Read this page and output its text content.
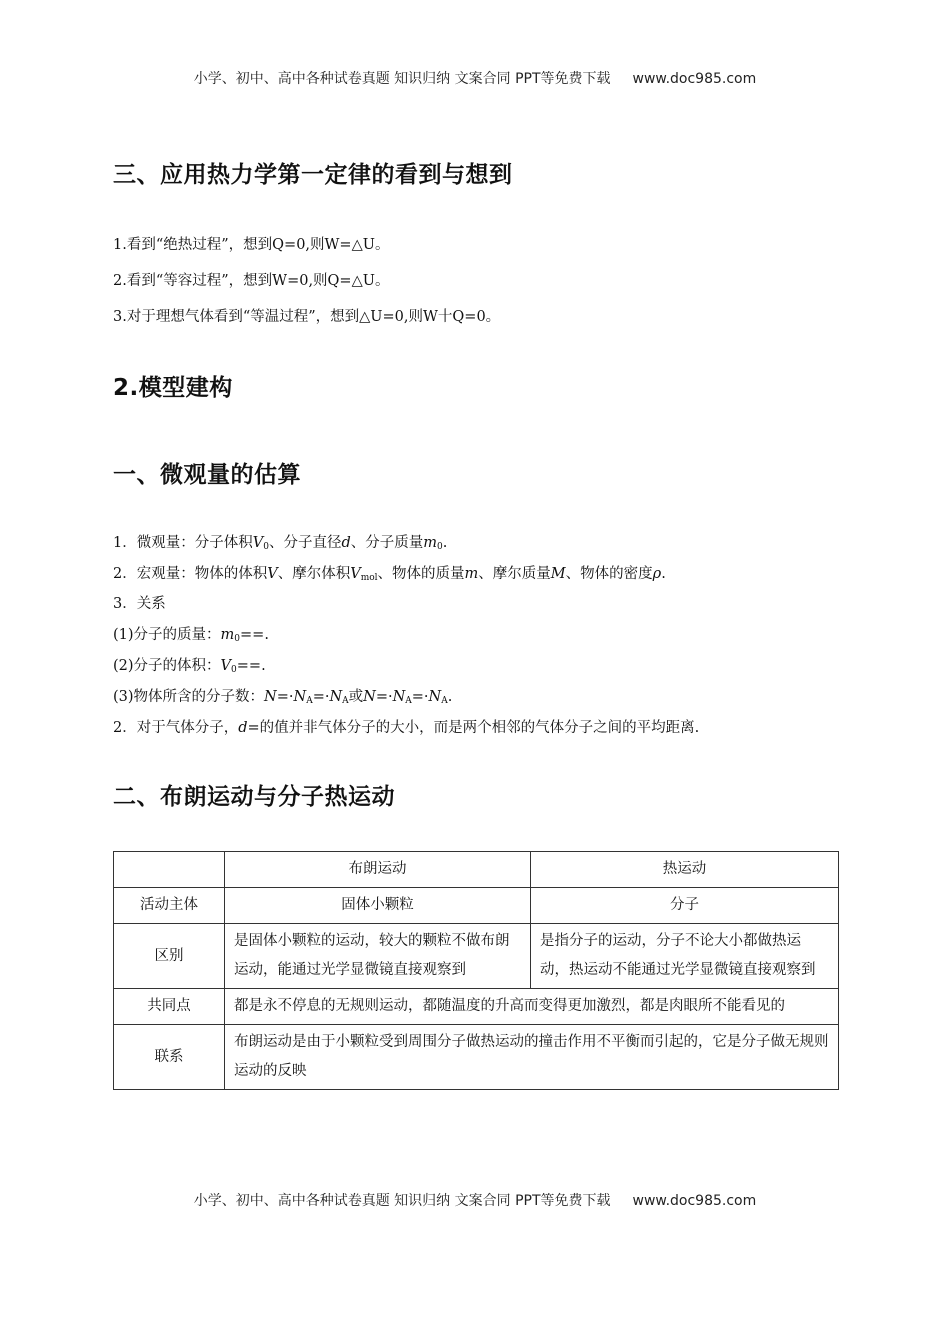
小学、初中、高中各种试卷真题 知识归纳 文案合同 PPT等免费下载 www.doc985.com
三、应用热力学第一定律的看到与想到

1.看到“绝热过程”，想到Q=0,则W=△U。

2.看到“等容过程”，想到W=0,则Q=△U。

3.对于理想气体看到“等温过程”，想到△U=0,则W十Q=0。

2.模型建构
一、微观量的估算

1．微观量：分子体积$V_0$、分子直径d、分子质量$m_0$.

2．宏观量：物体的体积V、摩尔体积$V_{mol}$、物体的质量m、摩尔质量M、物体的密度ρ.

3．关系

(1)分子的质量：$m_0==$.

(2)分子的体积：$V_0==$.

(3)物体所含的分子数：$N=\cdot N_A=\cdot N_A$或$N=\cdot N_A=\cdot N_A$.

2．对于气体分子，d=的值并非气体分子的大小，而是两个相邻的气体分子之间的平均距离.

二、布朗运动与分子热运动
	布朗运动	热运动
活动主体	固体小颗粒	分子
区别	是固体小颗粒的运动，较大的颗粒不做布朗运动，能通过光学显微镜直接观察到	是指分子的运动，分子不论大小都做热运动，热运动不能通过光学显微镜直接观察到
共同点	都是永不停息的无规则运动，都随温度的升高而变得更加激烈，都是肉眼所不能看见的	
联系	布朗运动是由于小颗粒受到周围分子做热运动的撞击作用不平衡而引起的，它是分子做无规则运动的反映	
小学、初中、高中各种试卷真题 知识归纳 文案合同 PPT等免费下载 www.doc985.com
